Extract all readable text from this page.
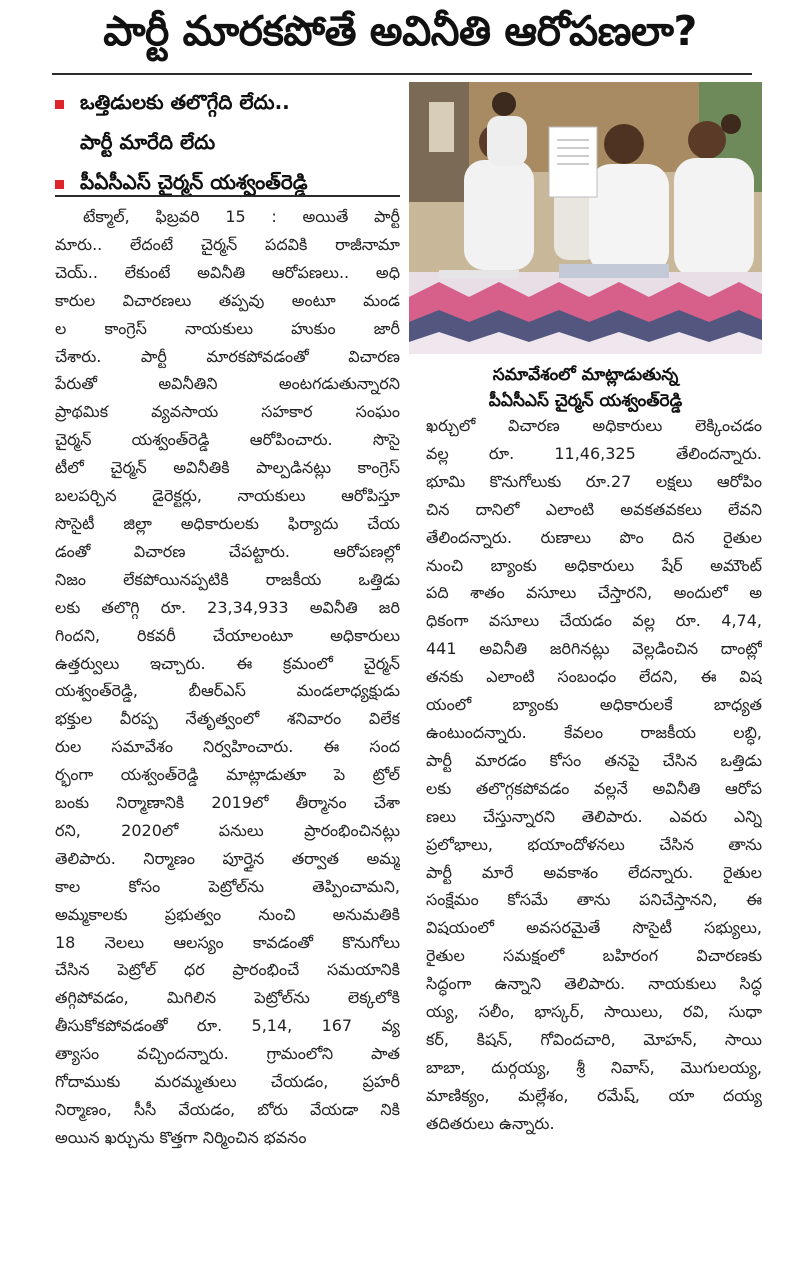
పార్టీ మారకపోతే అవినీతి ఆరోపణలా?
ఒత్తిడులకు తలొగ్గేది లేదు..
పార్టీ మారేది లేదు
పీఏసీఎస్ చైర్మన్ యశ్వంత్‌రెడ్డి
సమావేశంలో మాట్లాడుతున్న
పీఏసీఎస్ చైర్మన్ యశ్వంత్‌రెడ్డి
టేక్మాల్, ఫిబ్రవరి 15 : అయితే పార్టీ
మారు.. లేదంటే చైర్మన్ పదవికి రాజీనామా
చెయ్.. లేకుంటే అవినీతి ఆరోపణలు.. అధి
కారుల విచారణలు తప్పవు అంటూ మండ
ల కాంగ్రెస్ నాయకులు హుకుం జారీ
చేశారు. పార్టీ మారకపోవడంతో విచారణ
పేరుతో అవినీతిని అంటగడుతున్నారని
ప్రాథమిక వ్యవసాయ సహకార సంఘం
చైర్మన్ యశ్వంత్‌రెడ్డి ఆరోపించారు. సొసై
టీలో చైర్మన్ అవినీతికి పాల్పడినట్లు కాంగ్రెస్
బలపర్చిన డైరెక్టర్లు, నాయకులు ఆరోపిస్తూ
సొసైటీ జిల్లా అధికారులకు ఫిర్యాదు చేయ
డంతో విచారణ చేపట్టారు. ఆరోపణల్లో
నిజం లేకపోయినప్పటికి రాజకీయ ఒత్తిడు
లకు తలొగ్గి రూ. 23,34,933 అవినీతి జరి
గిందని, రికవరీ చేయాలంటూ అధికారులు
ఉత్తర్వులు ఇచ్చారు. ఈ క్రమంలో చైర్మన్
యశ్వంత్‌రెడ్డి, బీఆర్ఎస్ మండలాధ్యక్షుడు
భక్తుల వీరప్ప నేతృత్వంలో శనివారం విలేక
రుల సమావేశం నిర్వహించారు. ఈ సంద
ర్భంగా యశ్వంత్‌రెడ్డి మాట్లాడుతూ పె ట్రోల్
బంకు నిర్మాణానికి 2019లో తీర్మానం చేశా
రని, 2020లో పనులు ప్రారంభించినట్లు
తెలిపారు. నిర్మాణం పూర్తైన తర్వాత అమ్మ
కాల కోసం పెట్రోల్‌ను తెప్పించామని,
అమ్మకాలకు ప్రభుత్వం నుంచి అనుమతికి
18 నెలలు ఆలస్యం కావడంతో కొనుగోలు
చేసిన పెట్రోల్ ధర ప్రారంభించే సమయానికి
తగ్గిపోవడం, మిగిలిన పెట్రోల్‌ను లెక్కలోకి
తీసుకోకపోవడంతో రూ. 5,14, 167 వ్య
త్యాసం వచ్చిందన్నారు. గ్రామంలోని పాత
గోదాముకు మరమ్మతులు చేయడం, ప్రహరీ
నిర్మాణం, సీసీ వేయడం, బోరు వేయడా నికి
అయిన ఖర్చును కొత్తగా నిర్మించిన భవనం
ఖర్చులో విచారణ అధికారులు లెక్కించడం
వల్ల రూ. 11,46,325 తేలిందన్నారు.
భూమి కొనుగోలుకు రూ.27 లక్షలు ఆరోపిం
చిన దానిలో ఎలాంటి అవకతవకలు లేవని
తేలిందన్నారు. రుణాలు పొం దిన రైతుల
నుంచి బ్యాంకు అధికారులు షేర్ అమౌంట్
పది శాతం వసూలు చేస్తారని, అందులో అ
ధికంగా వసూలు చేయడం వల్ల రూ. 4,74,
441 అవినీతి జరిగినట్లు వెల్లడించిన దాంట్లో
తనకు ఎలాంటి సంబంధం లేదని, ఈ విష
యంలో బ్యాంకు అధికారులకే బాధ్యత
ఉంటుందన్నారు. కేవలం రాజకీయ లబ్ధి,
పార్టీ మారడం కోసం తనపై చేసిన ఒత్తిడు
లకు తలొగ్గకపోవడం వల్లనే అవినీతి ఆరోప
ణలు చేస్తున్నారని తెలిపారు. ఎవరు ఎన్ని
ప్రలోభాలు, భయాందోళనలు చేసిన తాను
పార్టీ మారే అవకాశం లేదన్నారు. రైతుల
సంక్షేమం కోసమే తాను పనిచేస్తానని, ఈ
విషయంలో అవసరమైతే సొసైటీ సభ్యులు,
రైతుల సమక్షంలో బహిరంగ విచారణకు
సిద్ధంగా ఉన్నాని తెలిపారు. నాయకులు సిద్ధ
య్య, సలీం, భాస్కర్, సాయిలు, రవి, సుధా
కర్, కిషన్, గోవిందచారి, మోహన్, సాయి
బాబా, దుర్గయ్య, శ్రీ నివాస్, మొగులయ్య,
మాణిక్యం, మల్లేశం, రమేష్, యా దయ్య
తదితరులు ఉన్నారు.
